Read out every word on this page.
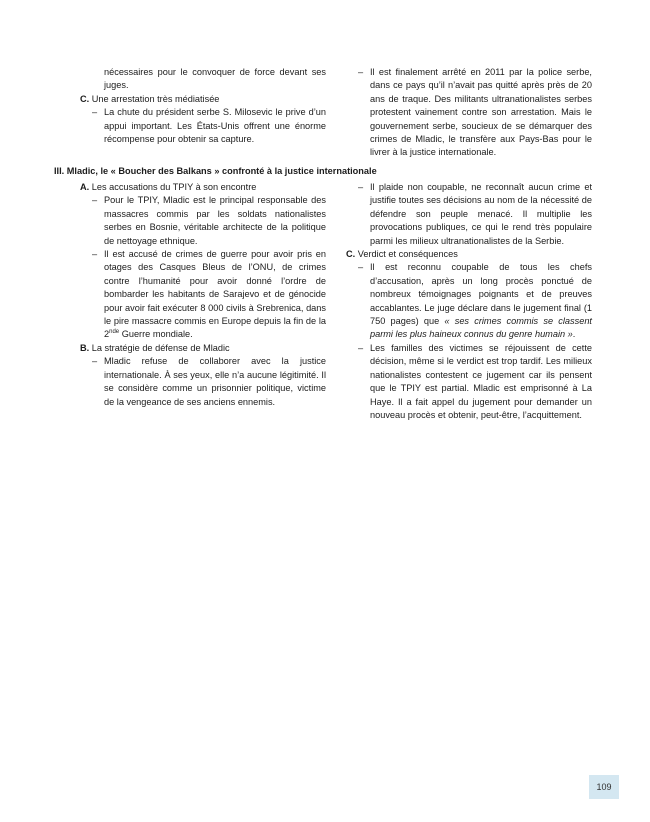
nécessaires pour le convoquer de force devant ses juges.
C. Une arrestation très médiatisée
– La chute du président serbe S. Milosevic le prive d’un appui important. Les États-Unis offrent une énorme récompense pour obtenir sa capture.
– Il est finalement arrêté en 2011 par la police serbe, dans ce pays qu’il n’avait pas quitté après près de 20 ans de traque. Des militants ultranationalistes serbes protestent vainement contre son arrestation. Mais le gouvernement serbe, soucieux de se démarquer des crimes de Mladic, le transfère aux Pays-Bas pour le livrer à la justice internationale.
III. Mladic, le « Boucher des Balkans » confronté à la justice internationale
A. Les accusations du TPIY à son encontre
– Pour le TPIY, Mladic est le principal responsable des massacres commis par les soldats nationalistes serbes en Bosnie, véritable architecte de la politique de nettoyage ethnique.
– Il est accusé de crimes de guerre pour avoir pris en otages des Casques Bleus de l’ONU, de crimes contre l’humanité pour avoir donné l’ordre de bombarder les habitants de Sarajevo et de génocide pour avoir fait exécuter 8 000 civils à Srebrenica, dans le pire massacre commis en Europe depuis la fin de la 2nde Guerre mondiale.
B. La stratégie de défense de Mladic
– Mladic refuse de collaborer avec la justice internationale. À ses yeux, elle n’a aucune légitimité. Il se considère comme un prisonnier politique, victime de la vengeance de ses anciens ennemis.
– Il plaide non coupable, ne reconnaît aucun crime et justifie toutes ses décisions au nom de la nécessité de défendre son peuple menacé. Il multiplie les provocations publiques, ce qui le rend très populaire parmi les milieux ultranationalistes de la Serbie.
C. Verdict et conséquences
– Il est reconnu coupable de tous les chefs d’accusation, après un long procès ponctué de nombreux témoignages poignants et de preuves accablantes. Le juge déclare dans le jugement final (1 750 pages) que « ses crimes commis se classent parmi les plus haineux connus du genre humain ».
– Les familles des victimes se réjouissent de cette décision, même si le verdict est trop tardif. Les milieux nationalistes contestent ce jugement car ils pensent que le TPIY est partial. Mladic est emprisonné à La Haye. Il a fait appel du jugement pour demander un nouveau procès et obtenir, peut-être, l’acquittement.
109
